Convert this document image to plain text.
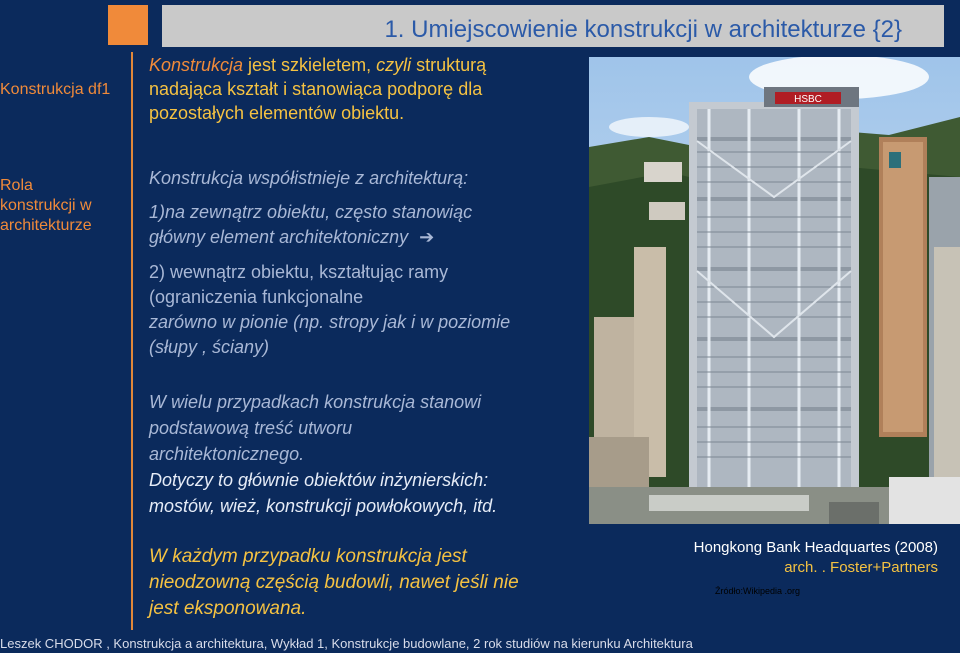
1. Umiejscowienie konstrukcji w architekturze {2}
Konstrukcja df1
Rola
konstrukcji w
architekturze
Konstrukcja jest szkieletem, czyli strukturą
nadająca kształt i stanowiąca podporę dla
pozostałych elementów obiektu.
Konstrukcja współistnieje z architekturą:
1)na zewnątrz obiektu, często stanowiąc
główny element architektoniczny ➔
2) wewnątrz obiektu, kształtując ramy
(ograniczenia funkcjonalne
zarówno w pionie (np. stropy jak i w poziomie
(słupy , ściany)
W wielu przypadkach konstrukcja stanowi
podstawową treść utworu
architektonicznego.
Dotyczy to głównie obiektów inżynierskich:
mostów, wież, konstrukcji powłokowych, itd.
W każdym przypadku konstrukcja jest
nieodzowną częścią budowli, nawet jeśli nie
jest eksponowana.
HSBC
Hongkong Bank Headquartes (2008)
arch. . Foster+Partners
Źródło:Wikipedia .org
Leszek CHODOR , Konstrukcja a architektura, Wykład 1, Konstrukcje budowlane, 2 rok studiów na kierunku Architektura
